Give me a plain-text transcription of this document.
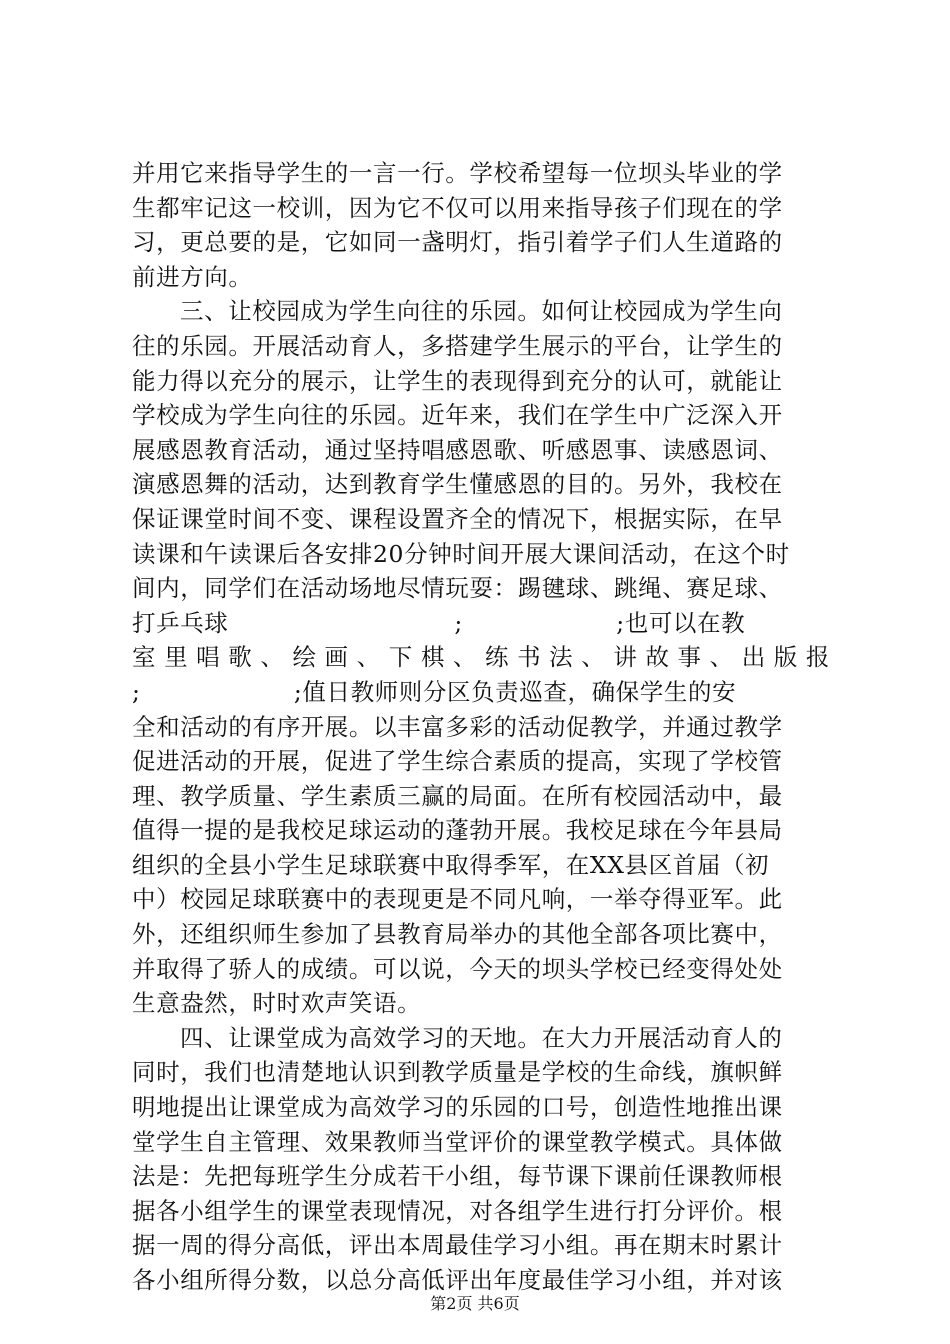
并用它来指导学生的一言一行。学校希望每一位坝头毕业的学
生都牢记这一校训，因为它不仅可以用来指导孩子们现在的学
习，更总要的是，它如同一盏明灯，指引着学子们人生道路的
前进方向。
三、让校园成为学生向往的乐园。如何让校园成为学生向
往的乐园。开展活动育人，多搭建学生展示的平台，让学生的
能力得以充分的展示，让学生的表现得到充分的认可，就能让
学校成为学生向往的乐园。近年来，我们在学生中广泛深入开
展感恩教育活动，通过坚持唱感恩歌、听感恩事、读感恩词、
演感恩舞的活动，达到教育学生懂感恩的目的。另外，我校在
保证课堂时间不变、课程设置齐全的情况下，根据实际，在早
读课和午读课后各安排20分钟时间开展大课间活动，在这个时
间内，同学们在活动场地尽情玩耍：踢毽球、跳绳、赛足球、
打乒乓球                            ;                   ;也可以在教
室里唱歌、绘画、下棋、练书法、讲故事、出版报
;                   ;值日教师则分区负责巡查，确保学生的安
全和活动的有序开展。以丰富多彩的活动促教学，并通过教学
促进活动的开展，促进了学生综合素质的提高，实现了学校管
理、教学质量、学生素质三赢的局面。在所有校园活动中，最
值得一提的是我校足球运动的蓬勃开展。我校足球在今年县局
组织的全县小学生足球联赛中取得季军，在XX县区首届（初
中）校园足球联赛中的表现更是不同凡响，一举夺得亚军。此
外，还组织师生参加了县教育局举办的其他全部各项比赛中，
并取得了骄人的成绩。可以说，今天的坝头学校已经变得处处
生意盎然，时时欢声笑语。
四、让课堂成为高效学习的天地。在大力开展活动育人的
同时，我们也清楚地认识到教学质量是学校的生命线，旗帜鲜
明地提出让课堂成为高效学习的乐园的口号，创造性地推出课
堂学生自主管理、效果教师当堂评价的课堂教学模式。具体做
法是：先把每班学生分成若干小组，每节课下课前任课教师根
据各小组学生的课堂表现情况，对各组学生进行打分评价。根
据一周的得分高低，评出本周最佳学习小组。再在期末时累计
各小组所得分数，以总分高低评出年度最佳学习小组，并对该
第2页 共6页
